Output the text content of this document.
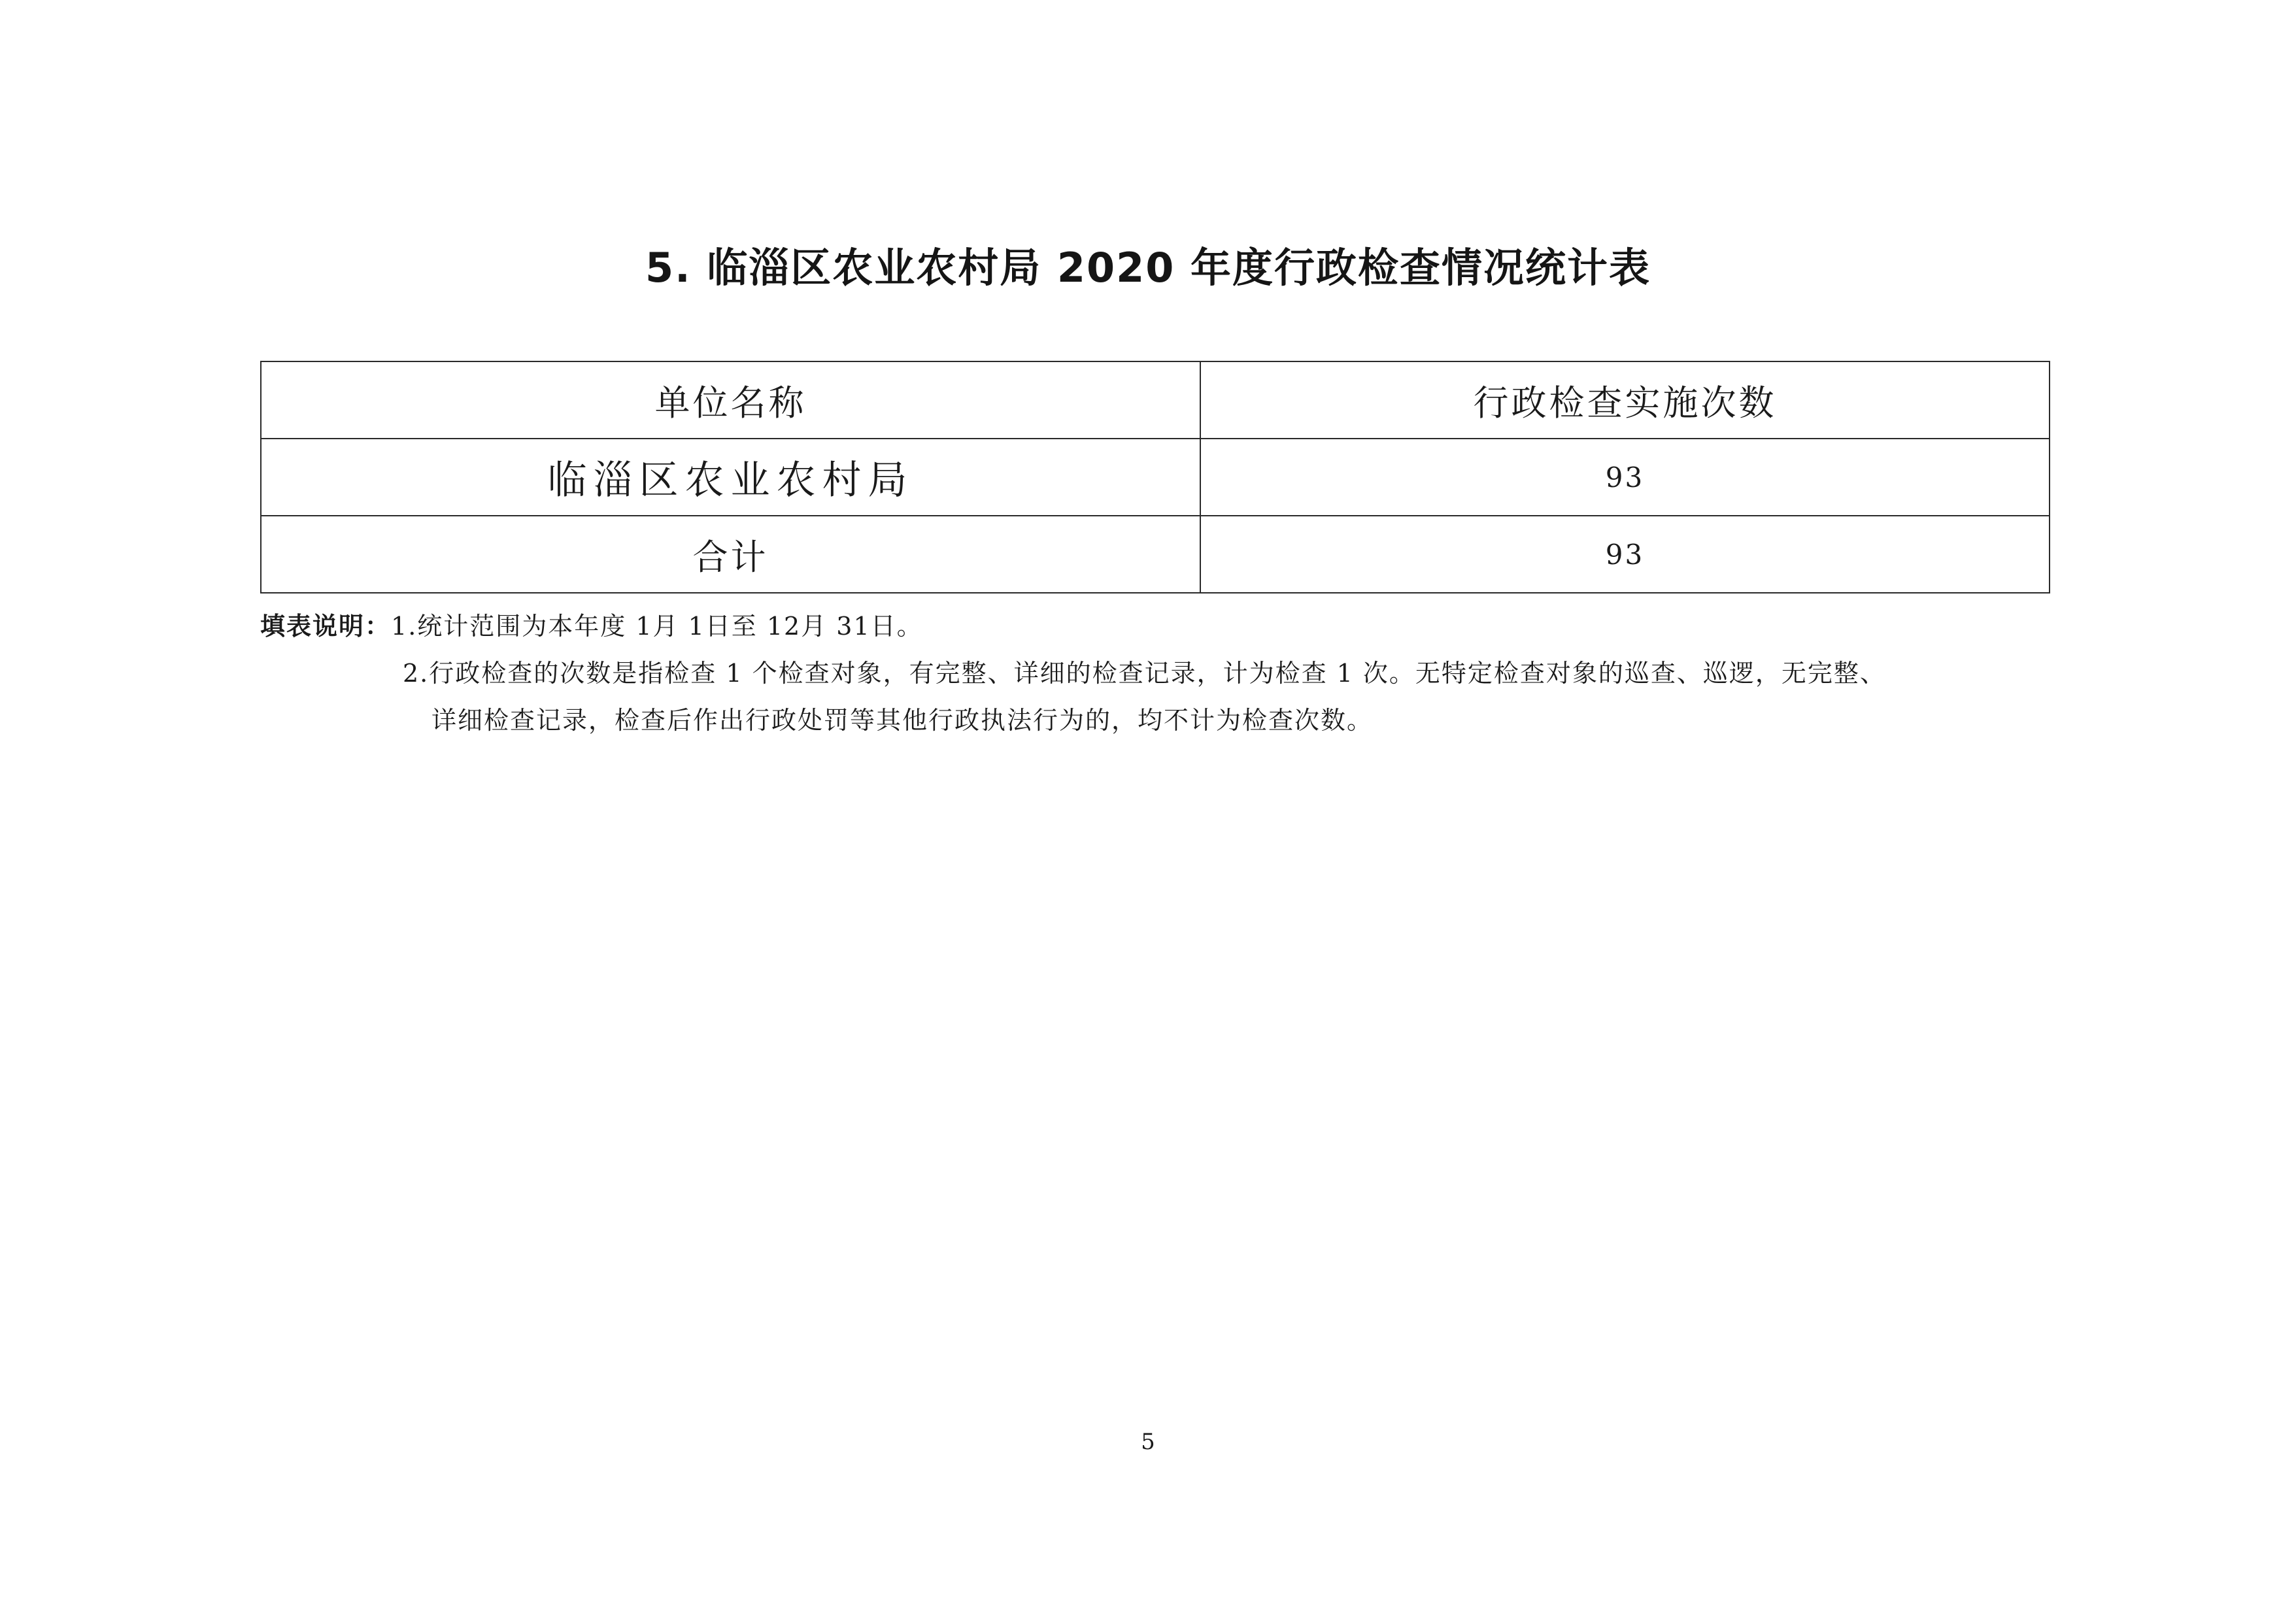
5. 临淄区农业农村局 2020 年度行政检查情况统计表
单位名称	行政检查实施次数
临淄区农业农村局	93
合计	93
填表说明：1.统计范围为本年度 1月 1日至 12月 31日。
2.行政检查的次数是指检查 1 个检查对象，有完整、详细的检查记录，计为检查 1 次。无特定检查对象的巡查、巡逻，无完整、
详细检查记录，检查后作出行政处罚等其他行政执法行为的，均不计为检查次数。
5
